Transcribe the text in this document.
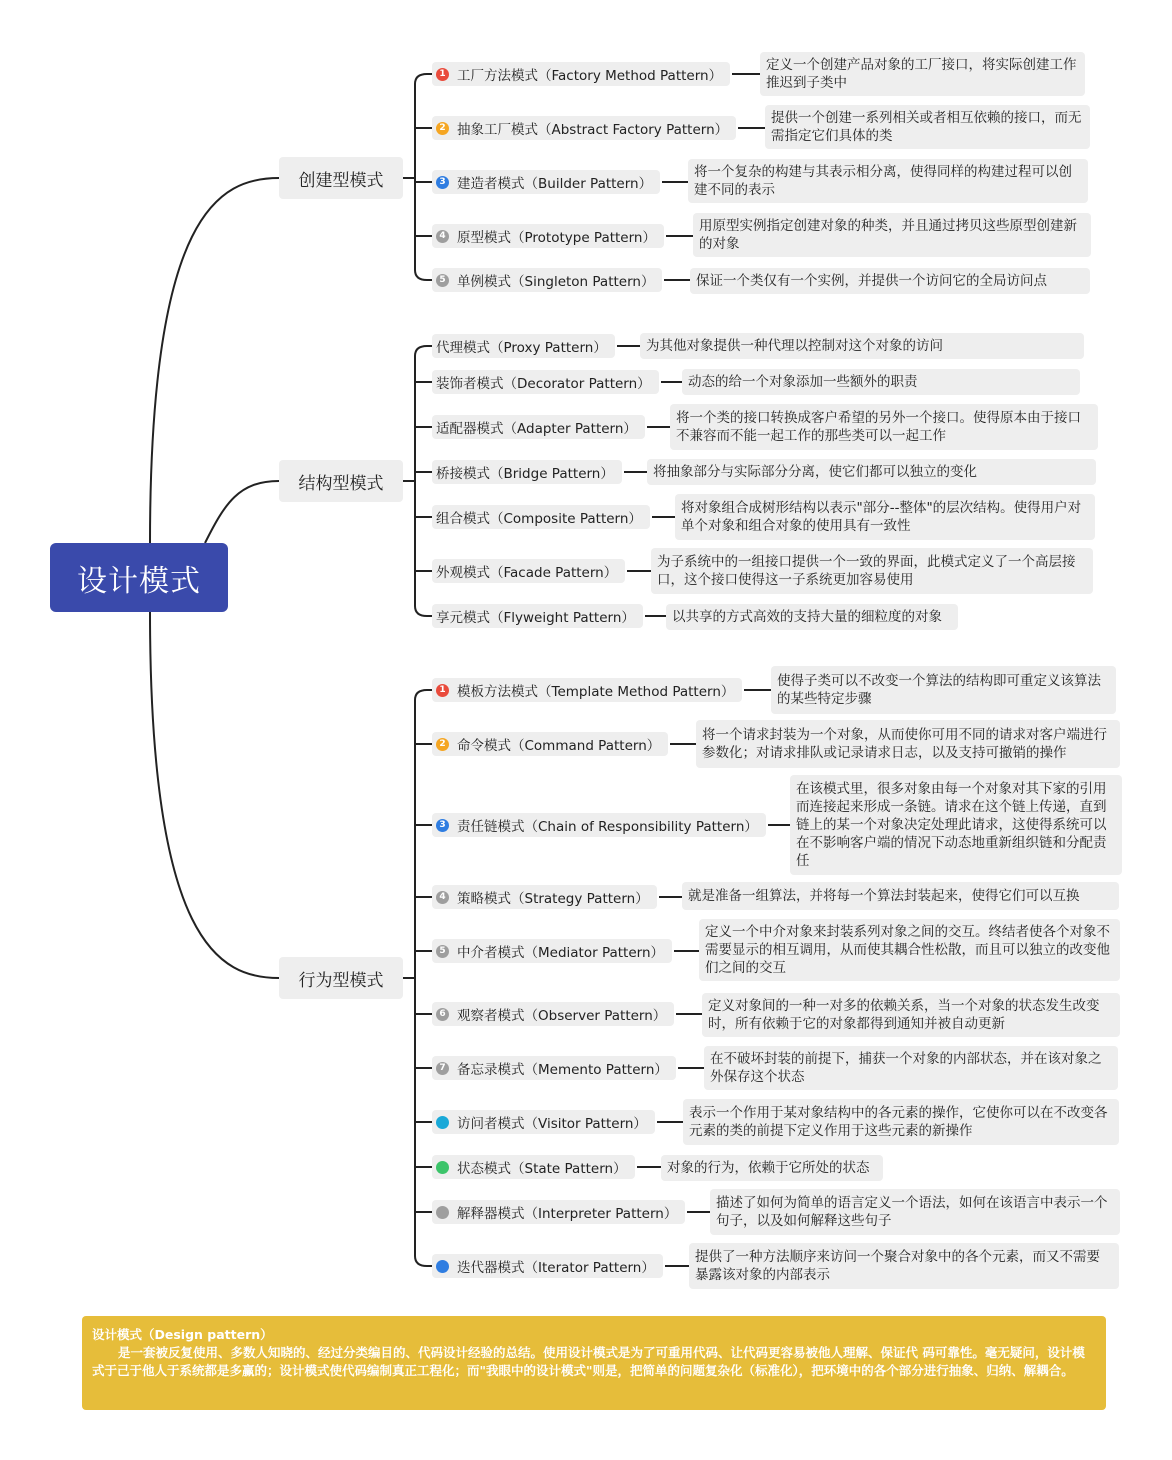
设计模式
创建型模式
1 工厂方法模式（Factory Method Pattern）
定义一个创建产品对象的工厂接口，将实际创建工作推迟到子类中
2 抽象工厂模式（Abstract Factory Pattern）
提供一个创建一系列相关或者相互依赖的接口，而无需指定它们具体的类
3 建造者模式（Builder Pattern）
将一个复杂的构建与其表示相分离，使得同样的构建过程可以创建不同的表示
4 原型模式（Prototype Pattern）
用原型实例指定创建对象的种类，并且通过拷贝这些原型创建新的对象
5 单例模式（Singleton Pattern）	保证一个类仅有一个实例，并提供一个访问它的全局访问点
结构型模式
代理模式（Proxy Pattern）	为其他对象提供一种代理以控制对这个对象的访问
装饰者模式（Decorator Pattern）	动态的给一个对象添加一些额外的职责
适配器模式（Adapter Pattern）
将一个类的接口转换成客户希望的另外一个接口。使得原本由于接口不兼容而不能一起工作的那些类可以一起工作
桥接模式（Bridge Pattern）	将抽象部分与实际部分分离，使它们都可以独立的变化
组合模式（Composite Pattern）
将对象组合成树形结构以表示"部分--整体"的层次结构。使得用户对单个对象和组合对象的使用具有一致性
外观模式（Facade Pattern）
为子系统中的一组接口提供一个一致的界面，此模式定义了一个高层接口，这个接口使得这一子系统更加容易使用
享元模式（Flyweight Pattern）	以共享的方式高效的支持大量的细粒度的对象
行为型模式
1 模板方法模式（Template Method Pattern）
使得子类可以不改变一个算法的结构即可重定义该算法的某些特定步骤
2 命令模式（Command Pattern）
将一个请求封装为一个对象，从而使你可用不同的请求对客户端进行参数化；对请求排队或记录请求日志，以及支持可撤销的操作
3 责任链模式（Chain of Responsibility Pattern）
在该模式里，很多对象由每一个对象对其下家的引用而连接起来形成一条链。请求在这个链上传递，直到链上的某一个对象决定处理此请求，这使得系统可以在不影响客户端的情况下动态地重新组织链和分配责任
4 策略模式（Strategy Pattern）	就是准备一组算法，并将每一个算法封装起来，使得它们可以互换
5 中介者模式（Mediator Pattern）
定义一个中介对象来封装系列对象之间的交互。终结者使各个对象不需要显示的相互调用，从而使其耦合性松散，而且可以独立的改变他们之间的交互
6 观察者模式（Observer Pattern）
定义对象间的一种一对多的依赖关系，当一个对象的状态发生改变时，所有依赖于它的对象都得到通知并被自动更新
7 备忘录模式（Memento Pattern）
在不破坏封装的前提下，捕获一个对象的内部状态，并在该对象之外保存这个状态
访问者模式（Visitor Pattern）
表示一个作用于某对象结构中的各元素的操作，它使你可以在不改变各元素的类的前提下定义作用于这些元素的新操作
状态模式（State Pattern）	对象的行为，依赖于它所处的状态
解释器模式（Interpreter Pattern）
描述了如何为简单的语言定义一个语法，如何在该语言中表示一个句子，以及如何解释这些句子
迭代器模式（Iterator Pattern）
提供了一种方法顺序来访问一个聚合对象中的各个元素，而又不需要暴露该对象的内部表示
设计模式（Design pattern）
是一套被反复使用、多数人知晓的、经过分类编目的、代码设计经验的总结。使用设计模式是为了可重用代码、让代码更容易被他人理解、保证代 码可靠性。毫无疑问，设计模式于己于他人于系统都是多赢的；设计模式使代码编制真正工程化；而"我眼中的设计模式"则是，把简单的问题复杂化（标准化），把环境中的各个部分进行抽象、归纳、解耦合。
